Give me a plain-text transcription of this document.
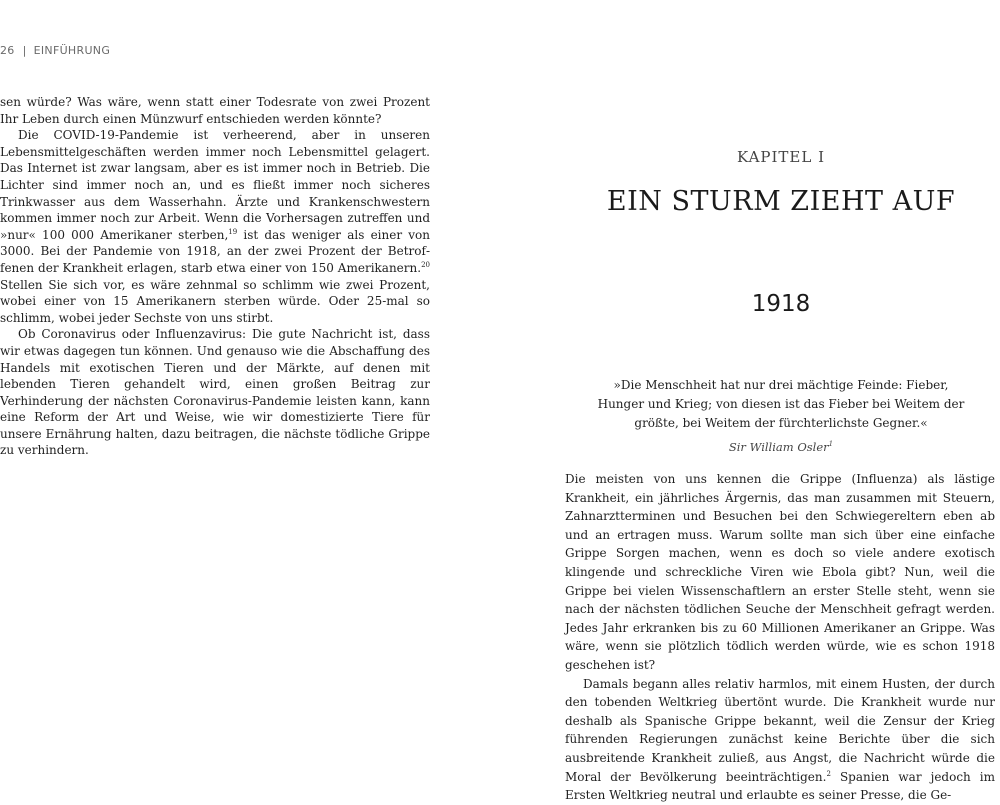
26 | EINFÜHRUNG

sen würde? Was wäre, wenn statt einer Todesrate von zwei Prozent Ihr Leben durch einen Münzwurf entschieden werden könnte?

Die COVID-19-Pandemie ist verheerend, aber in unseren Lebensmittelgeschäften werden immer noch Lebensmittel gelagert. Das Internet ist zwar langsam, aber es ist immer noch in Betrieb. Die Lichter sind immer noch an, und es fließt immer noch sicheres Trinkwasser aus dem Wasserhahn. Ärzte und Krankenschwestern kommen immer noch zur Arbeit. Wenn die Vorhersagen zutreffen und »nur« 100 000 Amerikaner sterben,$^{19}$ ist das weniger als einer von 3000. Bei der Pandemie von 1918, an der zwei Prozent der Betroffenen der Krankheit erlagen, starb etwa einer von 150 Amerikanern.$^{20}$ Stellen Sie sich vor, es wäre zehnmal so schlimm wie zwei Prozent, wobei einer von 15 Amerikanern sterben würde. Oder 25-mal so schlimm, wobei jeder Sechste von uns stirbt.

Ob Coronavirus oder Influenzavirus: Die gute Nachricht ist, dass wir etwas dagegen tun können. Und genauso wie die Abschaffung des Handels mit exotischen Tieren und der Märkte, auf denen mit lebenden Tieren gehandelt wird, einen großen Beitrag zur Verhinderung der nächsten Coronavirus-Pandemie leisten kann, kann eine Reform der Art und Weise, wie wir domestizierte Tiere für unsere Ernährung halten, dazu beitragen, die nächste tödliche Grippe zu verhindern.

KAPITEL I
EIN STURM ZIEHT AUF
1918
»Die Menschheit hat nur drei mächtige Feinde: Fieber, Hunger und Krieg; von diesen ist das Fieber bei Weitem der größte, bei Weitem der fürchterlichste Gegner.«
Sir William Osler$^1$

Die meisten von uns kennen die Grippe (Influenza) als lästige Krankheit, ein jährliches Ärgernis, das man zusammen mit Steuern, Zahnarztterminen und Besuchen bei den Schwiegereltern eben ab und an ertragen muss. Warum sollte man sich über eine einfache Grippe Sorgen machen, wenn es doch so viele andere exotisch klingende und schreckliche Viren wie Ebola gibt? Nun, weil die Grippe bei vielen Wissenschaftlern an erster Stelle steht, wenn sie nach der nächsten tödlichen Seuche der Menschheit gefragt werden. Jedes Jahr erkranken bis zu 60 Millionen Amerikaner an Grippe. Was wäre, wenn sie plötzlich tödlich werden würde, wie es schon 1918 geschehen ist?

Damals begann alles relativ harmlos, mit einem Husten, der durch den tobenden Weltkrieg übertönt wurde. Die Krankheit wurde nur deshalb als Spanische Grippe bekannt, weil die Zensur der Krieg führenden Regierungen zunächst keine Berichte über die sich ausbreitende Krankheit zuließ, aus Angst, die Nachricht würde die Moral der Bevölkerung beeinträchtigen.$^2$ Spanien war jedoch im Ersten Weltkrieg neutral und erlaubte es seiner Presse, die Ge-
